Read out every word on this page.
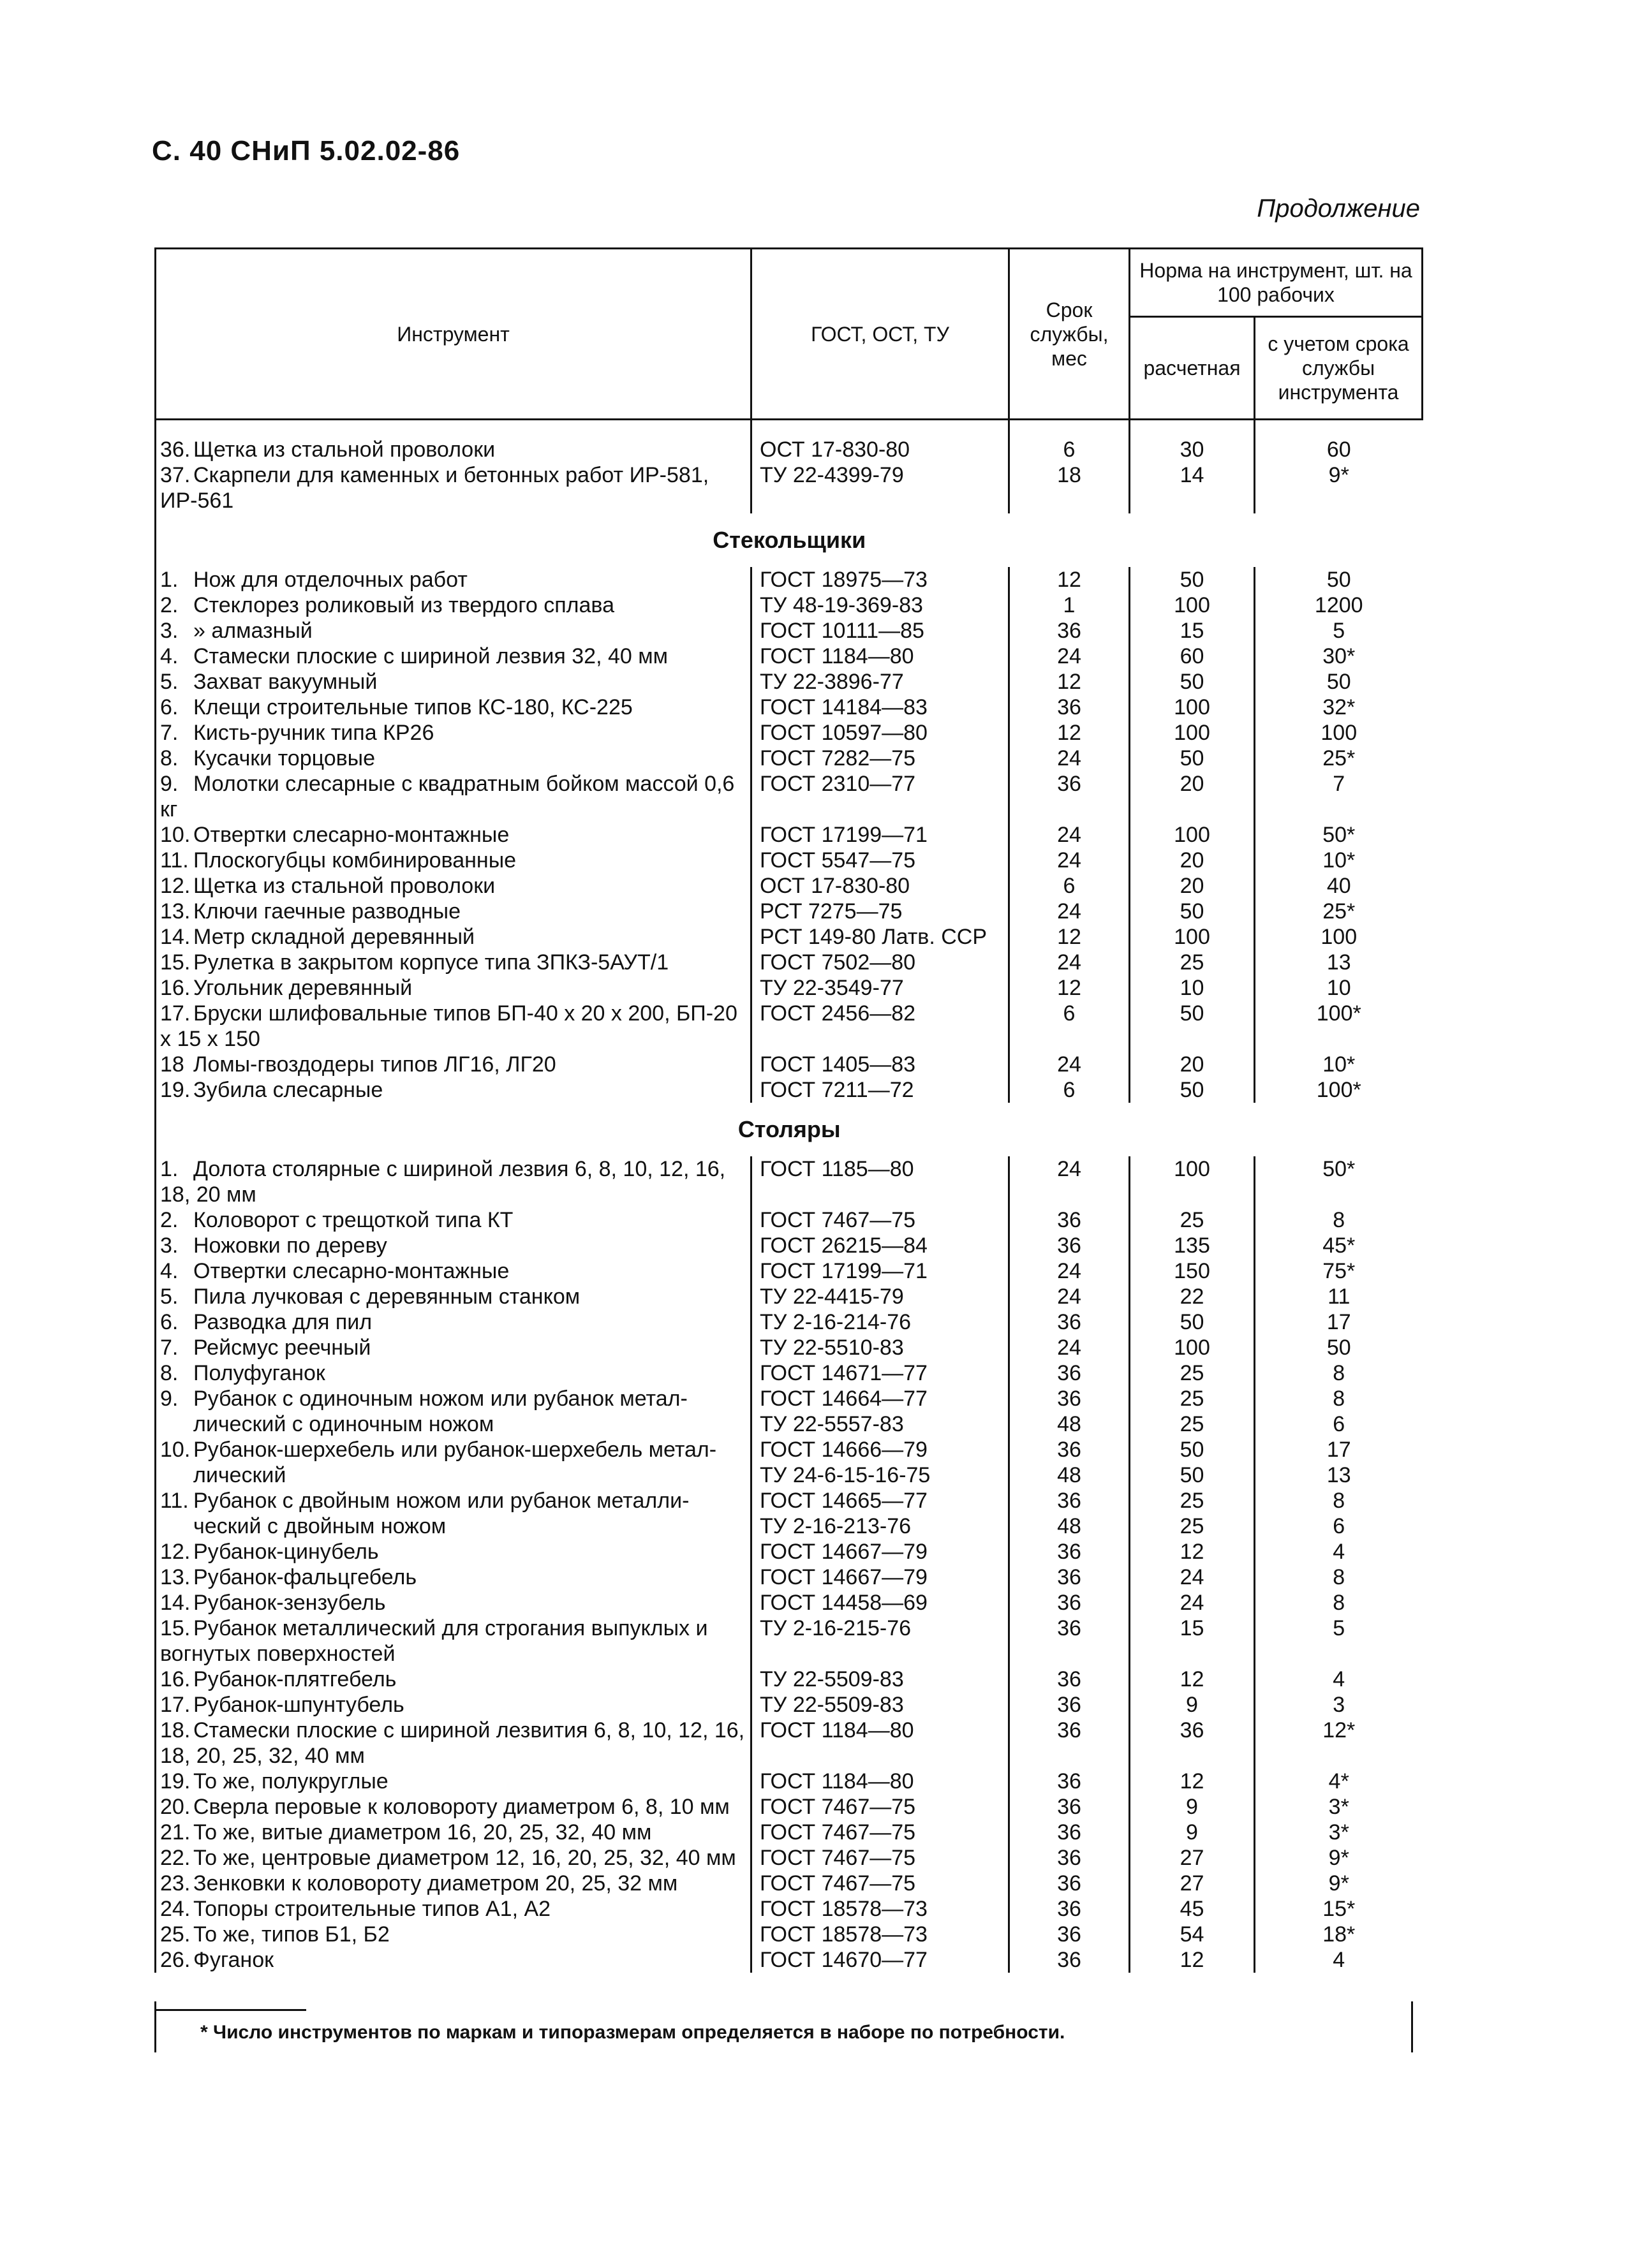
С. 40 СНиП 5.02.02-86
Продолжение
Инструмент	ГОСТ, ОСТ, ТУ	Срок службы, мес	Норма на инструмент, шт. на 100 рабочих	
			расчетная	с учетом срока службы инструмента

36. Щетка из стальной проволоки	ОСТ 17-830-80	6	30	60
37. Скарпели для каменных и бетонных работ ИР-581, ИР-561	ТУ 22-4399-79	18	14	9*
Стекольщики				
1. Нож для отделочных работ	ГОСТ 18975—73	12	50	50
2. Стеклорез роликовый из твердого сплава	ТУ 48-19-369-83	1	100	1200
3. » алмазный	ГОСТ 10111—85	36	15	5
4. Стамески плоские с шириной лезвия 32, 40 мм	ГОСТ 1184—80	24	60	30*
5. Захват вакуумный	ТУ 22-3896-77	12	50	50
6. Клещи строительные типов КС-180, КС-225	ГОСТ 14184—83	36	100	32*
7. Кисть-ручник типа КР26	ГОСТ 10597—80	12	100	100
8. Кусачки торцовые	ГОСТ 7282—75	24	50	25*
9. Молотки слесарные с квадратным бойком массой 0,6 кг	ГОСТ 2310—77	36	20	7
10. Отвертки слесарно-монтажные	ГОСТ 17199—71	24	100	50*
11. Плоскогубцы комбинированные	ГОСТ 5547—75	24	20	10*
12. Щетка из стальной проволоки	ОСТ 17-830-80	6	20	40
13. Ключи гаечные разводные	РСТ 7275—75	24	50	25*
14. Метр складной деревянный	РСТ 149-80 Латв. ССР	12	100	100
15. Рулетка в закрытом корпусе типа ЗПКЗ-5АУТ/1	ГОСТ 7502—80	24	25	13
16. Угольник деревянный	ТУ 22-3549-77	12	10	10
17. Бруски шлифовальные типов БП-40 х 20 х 200, БП-20 х 15 х 150	ГОСТ 2456—82	6	50	100*
18 Ломы-гвоздодеры типов ЛГ16, ЛГ20	ГОСТ 1405—83	24	20	10*
19. Зубила слесарные	ГОСТ 7211—72	6	50	100*
Столяры				
1. Долота столярные с шириной лезвия 6, 8, 10, 12, 16, 18, 20 мм	ГОСТ 1185—80	24	100	50*
2. Коловорот с трещоткой типа КТ	ГОСТ 7467—75	36	25	8
3. Ножовки по дереву	ГОСТ 26215—84	36	135	45*
4. Отвертки слесарно-монтажные	ГОСТ 17199—71	24	150	75*
5. Пила лучковая с деревянным станком	ТУ 22-4415-79	24	22	11
6. Разводка для пил	ТУ 2-16-214-76	36	50	17
7. Рейсмус реечный	ТУ 22-5510-83	24	100	50
8. Полуфуганок	ГОСТ 14671—77	36	25	8
9. Рубанок с одиночным ножом или рубанок метал-	ГОСТ 14664—77	36	25	8
лический с одиночным ножом	ТУ 22-5557-83	48	25	6
10. Рубанок-шерхебель или рубанок-шерхебель метал-	ГОСТ 14666—79	36	50	17
лический	ТУ 24-6-15-16-75	48	50	13
11. Рубанок с двойным ножом или рубанок металли-	ГОСТ 14665—77	36	25	8
ческий с двойным ножом	ТУ 2-16-213-76	48	25	6
12. Рубанок-цинубель	ГОСТ 14667—79	36	12	4
13. Рубанок-фальцгебель	ГОСТ 14667—79	36	24	8
14. Рубанок-зензубель	ГОСТ 14458—69	36	24	8
15. Рубанок металлический для строгания выпуклых и вогнутых поверхностей	ТУ 2-16-215-76	36	15	5
16. Рубанок-плятгебель	ТУ 22-5509-83	36	12	4
17. Рубанок-шпунтубель	ТУ 22-5509-83	36	9	3
18. Стамески плоские с шириной лезвития 6, 8, 10, 12, 16, 18, 20, 25, 32, 40 мм	ГОСТ 1184—80	36	36	12*
19. То же, полукруглые	ГОСТ 1184—80	36	12	4*
20. Сверла перовые к коловороту диаметром 6, 8, 10 мм	ГОСТ 7467—75	36	9	3*
21. То же, витые диаметром 16, 20, 25, 32, 40 мм	ГОСТ 7467—75	36	9	3*
22. То же, центровые диаметром 12, 16, 20, 25, 32, 40 мм	ГОСТ 7467—75	36	27	9*
23. Зенковки к коловороту диаметром 20, 25, 32 мм	ГОСТ 7467—75	36	27	9*
24. Топоры строительные типов А1, А2	ГОСТ 18578—73	36	45	15*
25. То же, типов Б1, Б2	ГОСТ 18578—73	36	54	18*
26. Фуганок	ГОСТ 14670—77	36	12	4
* Число инструментов по маркам и типоразмерам определяется в наборе по потребности.
